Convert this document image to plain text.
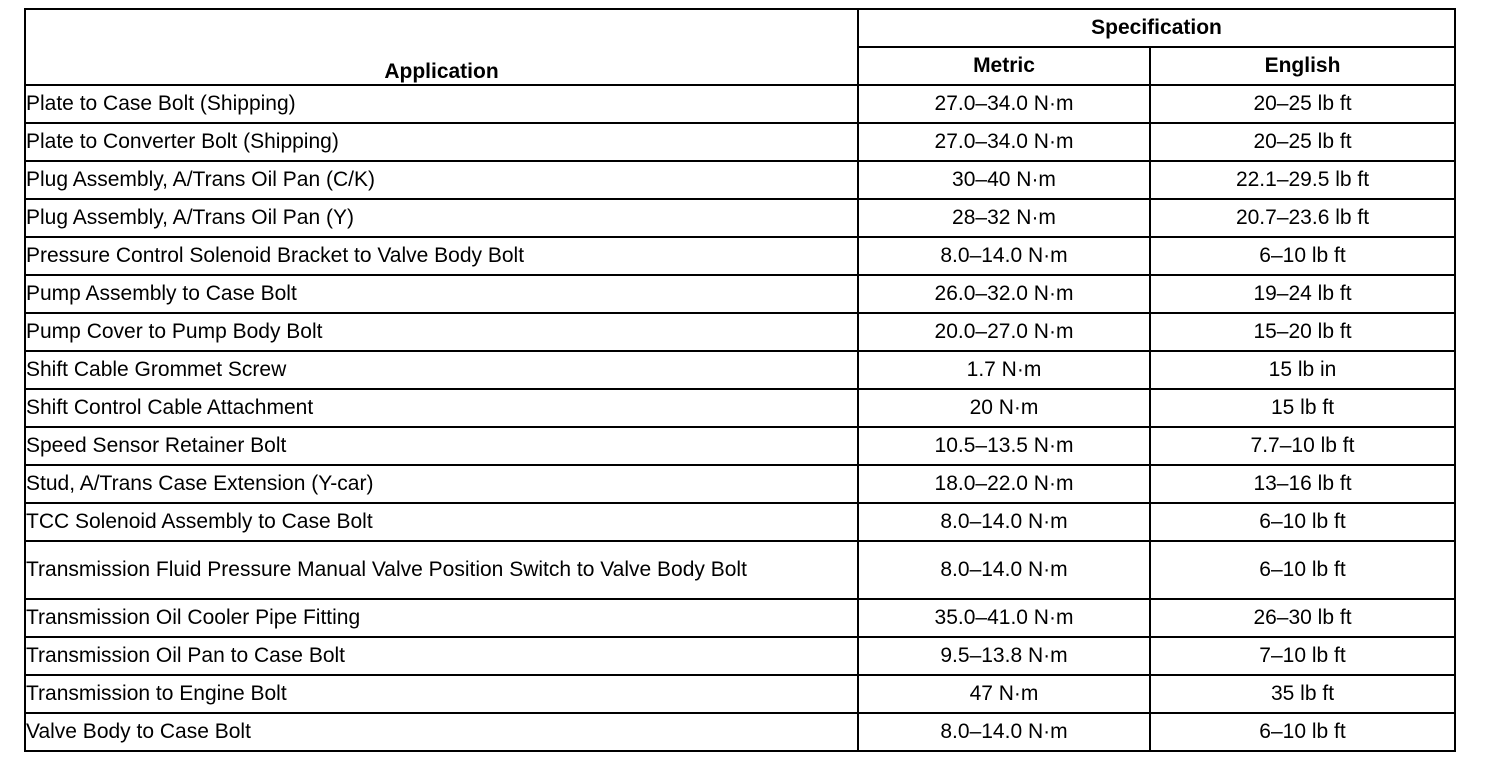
Application	Specification	
	Metric	English
Plate to Case Bolt (Shipping)	27.0–34.0 N·m	20–25 lb ft
Plate to Converter Bolt (Shipping)	27.0–34.0 N·m	20–25 lb ft
Plug Assembly, A/Trans Oil Pan (C/K)	30–40 N·m	22.1–29.5 lb ft
Plug Assembly, A/Trans Oil Pan (Y)	28–32 N·m	20.7–23.6 lb ft
Pressure Control Solenoid Bracket to Valve Body Bolt	8.0–14.0 N·m	6–10 lb ft
Pump Assembly to Case Bolt	26.0–32.0 N·m	19–24 lb ft
Pump Cover to Pump Body Bolt	20.0–27.0 N·m	15–20 lb ft
Shift Cable Grommet Screw	1.7 N·m	15 lb in
Shift Control Cable Attachment	20 N·m	15 lb ft
Speed Sensor Retainer Bolt	10.5–13.5 N·m	7.7–10 lb ft
Stud, A/Trans Case Extension (Y-car)	18.0–22.0 N·m	13–16 lb ft
TCC Solenoid Assembly to Case Bolt	8.0–14.0 N·m	6–10 lb ft
Transmission Fluid Pressure Manual Valve Position Switch to Valve Body Bolt	8.0–14.0 N·m	6–10 lb ft
Transmission Oil Cooler Pipe Fitting	35.0–41.0 N·m	26–30 lb ft
Transmission Oil Pan to Case Bolt	9.5–13.8 N·m	7–10 lb ft
Transmission to Engine Bolt	47 N·m	35 lb ft
Valve Body to Case Bolt	8.0–14.0 N·m	6–10 lb ft
